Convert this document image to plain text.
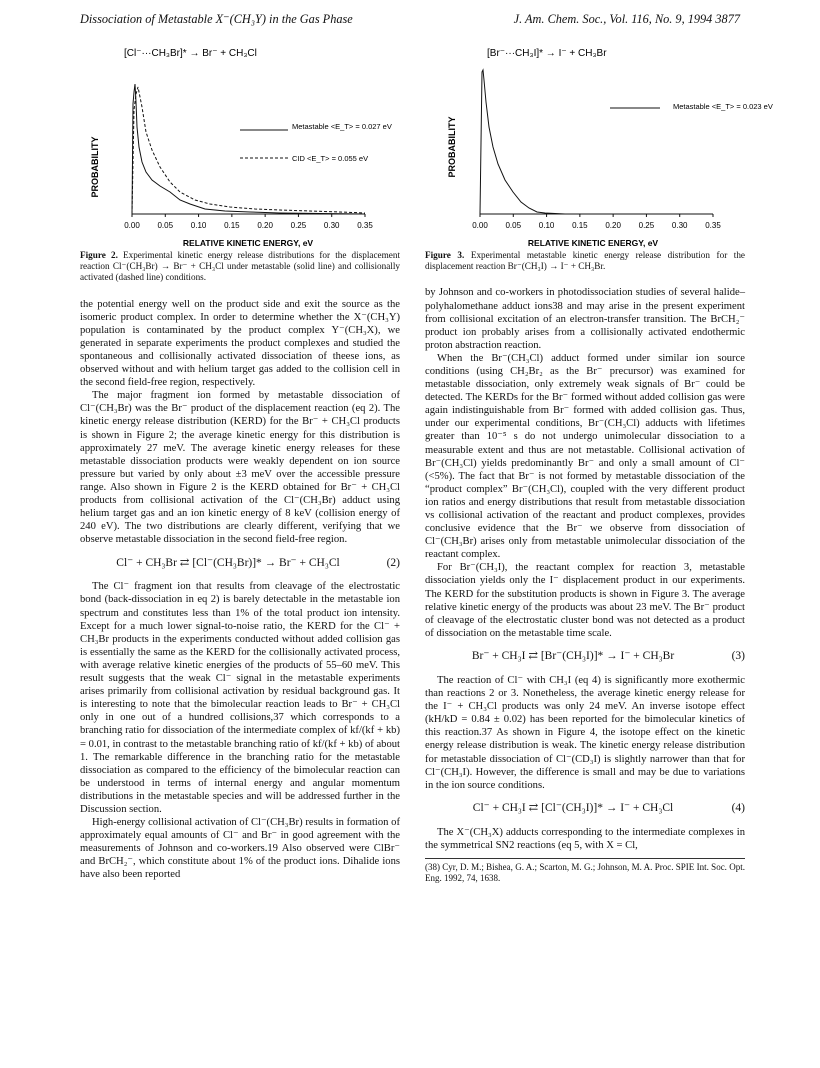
Dissociation of Metastable X⁻(CH₃Y) in the Gas Phase	J. Am. Chem. Soc., Vol. 116, No. 9, 1994 3877
[Cl⁻···CH₃Br]* → Br⁻ + CH₃Cl
Metastable <E_T> = 0.027 eV
CID <E_T> = 0.055 eV
PROBABILITY
0.00 0.05 0.10 0.15 0.20 0.25 0.30 0.35
RELATIVE KINETIC ENERGY, eV

Figure 2. Experimental kinetic energy release distributions for the displacement reaction Cl⁻(CH₃Br) → Br⁻ + CH₃Cl under metastable (solid line) and collisionally activated (dashed line) conditions.

the potential energy well on the product side and exit the source as the isomeric product complex. In order to determine whether the X⁻(CH₃Y) population is contaminated by the product complex Y⁻(CH₃X), we generated in separate experiments the product complexes and studied the spontaneous and collisionally activated dissociation of theese ions, as observed without and with helium target gas added to the collision cell in the second field-free region, respectively.

The major fragment ion formed by metastable dissociation of Cl⁻(CH₃Br) was the Br⁻ product of the displacement reaction (eq 2). The kinetic energy release distribution (KERD) for the Br⁻ + CH₃Cl products is shown in Figure 2; the average kinetic energy for this distribution is approximately 27 meV. The average kinetic energy releases for these metastable dissociation products were weakly dependent on ion source pressure but varied by only about ±3 meV over the accessible pressure range. Also shown in Figure 2 is the KERD obtained for Br⁻ + CH₃Cl products from collisional activation of the Cl⁻(CH₃Br) adduct using helium target gas and an ion kinetic energy of 8 keV (collision energy of 240 eV). The two distributions are clearly different, verifying that we observe metastable dissociation in the second field-free region.

Cl⁻ + CH₃Br ⇄ [Cl⁻(CH₃Br)]* → Br⁻ + CH₃Cl	(2)

The Cl⁻ fragment ion that results from cleavage of the electrostatic bond (back-dissociation in eq 2) is barely detectable in the metastable ion spectrum and constitutes less than 1% of the total product ion intensity. Except for a much lower signal-to-noise ratio, the KERD for the Cl⁻ + CH₃Br products in the experiments conducted without added collision gas is essentially the same as the KERD for the collisionally activated process, with average relative kinetic energies of the products of 55–60 meV. This result suggests that the weak Cl⁻ signal in the metastable experiments arises primarily from collisional activation by residual background gas. It is interesting to note that the bimolecular reaction leads to Br⁻ + CH₃Cl only in one out of a hundred collisions,37 which corresponds to a branching ratio for dissociation of the intermediate complex of kf/(kf + kb) = 0.01, in contrast to the metastable branching ratio of kf/(kf + kb) of about 1. The remarkable difference in the branching ratio for the metastable dissociation as compared to the efficiency of the bimolecular reaction can be understood in terms of internal energy and angular momentum distributions in the metastable species and will be addressed further in the Discussion section.

High-energy collisional activation of Cl⁻(CH₃Br) results in formation of approximately equal amounts of Cl⁻ and Br⁻ in good agreement with the measurements of Johnson and co-workers.19 Also observed were ClBr⁻ and BrCH₂⁻, which constitute about 1% of the product ions. Dihalide ions have also been reported

[Br⁻···CH₃I]* → I⁻ + CH₃Br
Metastable <E_T> = 0.023 eV
PROBABILITY
0.00 0.05 0.10 0.15 0.20 0.25 0.30 0.35
RELATIVE KINETIC ENERGY, eV

Figure 3. Experimental metastable kinetic energy release distribution for the displacement reaction Br⁻(CH₃I) → I⁻ + CH₃Br.

by Johnson and co-workers in photodissociation studies of several halide–polyhalomethane adduct ions38 and may arise in the present experiment from collisional excitation of an electron-transfer transition. The BrCH₂⁻ product ion probably arises from a collisionally activated endothermic proton abstraction reaction.

When the Br⁻(CH₃Cl) adduct formed under similar ion source conditions (using CH₂Br₂ as the Br⁻ precursor) was examined for metastable dissociation, only extremely weak signals of Br⁻ could be detected. The KERDs for the Br⁻ formed without added collision gas were again indistinguishable from Br⁻ formed with added collision gas. Thus, under our experimental conditions, Br⁻(CH₃Cl) adducts with lifetimes greater than 10⁻⁵ s do not undergo unimolecular dissociation to a measurable extent and thus are not metastable. Collisional activation of Br⁻(CH₃Cl) yields predominantly Br⁻ and only a small amount of Cl⁻ (<5%). The fact that Br⁻ is not formed by metastable dissociation of the “product complex” Br⁻(CH₃Cl), coupled with the very different product ion ratios and energy distributions that result from metastable dissociation vs collisional activation of the reactant and product complexes, provides conclusive evidence that the Br⁻ we observe from dissociation of Cl⁻(CH₃Br) arises only from metastable unimolecular dissociation of the reactant complex.

For Br⁻(CH₃I), the reactant complex for reaction 3, metastable dissociation yields only the I⁻ displacement product in our experiments. The KERD for the substitution products is shown in Figure 3. The average relative kinetic energy of the products was about 23 meV. The Br⁻ product of cleavage of the electrostatic cluster bond was not detected as a product of dissociation on the metastable time scale.

Br⁻ + CH₃I ⇄ [Br⁻(CH₃I)]* → I⁻ + CH₃Br	(3)

The reaction of Cl⁻ with CH₃I (eq 4) is significantly more exothermic than reactions 2 or 3. Nonetheless, the average kinetic energy release for the I⁻ + CH₃Cl products was only 24 meV. An inverse isotope effect (kH/kD = 0.84 ± 0.02) has been reported for the bimolecular kinetics of this reaction.37 As shown in Figure 4, the isotope effect on the kinetic energy release distribution is weak. The kinetic energy release distribution for metastable dissociation of Cl⁻(CD₃I) is slightly narrower than that for Cl⁻(CH₃I). However, the difference is small and may be due to variations in the ion source conditions.

Cl⁻ + CH₃I ⇄ [Cl⁻(CH₃I)]* → I⁻ + CH₃Cl	(4)

The X⁻(CH₃X) adducts corresponding to the intermediate complexes in the symmetrical SN2 reactions (eq 5, with X = Cl,

(38) Cyr, D. M.; Bishea, G. A.; Scarton, M. G.; Johnson, M. A. Proc. SPIE Int. Soc. Opt. Eng. 1992, 74, 1638.
